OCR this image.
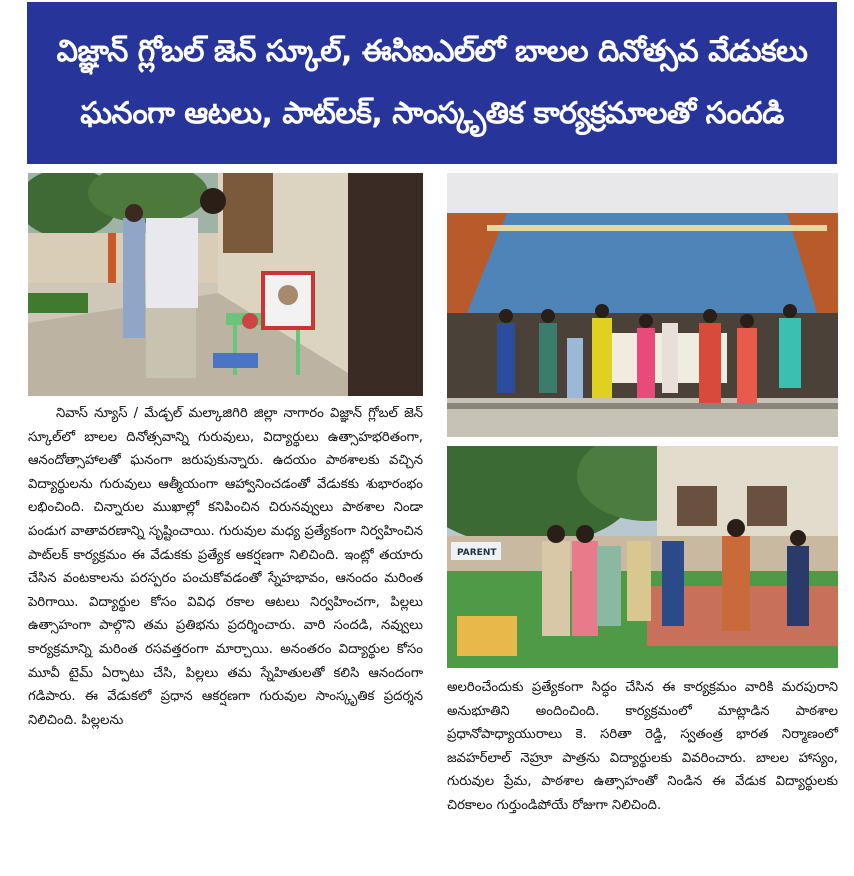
విజ్ఞాన్ గ్లోబల్ జెన్ స్కూల్, ఈసిఐఎల్‌లో బాలల దినోత్సవ వేడుకలు
ఘనంగా ఆటలు, పాట్‌లక్, సాంస్కృతిక కార్యక్రమాలతో సందడి
PARENT

నివాస్ న్యూస్ / మేడ్చల్ మల్కాజిగిరి జిల్లా నాగారం విజ్ఞాన్ గ్లోబల్ జెన్ స్కూల్‌లో బాలల దినోత్సవాన్ని గురువులు, విద్యార్థులు ఉత్సాహభరితంగా, ఆనందోత్సాహాలతో ఘనంగా జరుపుకున్నారు. ఉదయం పాఠశాలకు వచ్చిన విద్యార్థులను గురువులు ఆత్మీయంగా ఆహ్వానించడంతో వేడుకకు శుభారంభం లభించింది. చిన్నారుల ముఖాల్లో కనిపించిన చిరునవ్వులు పాఠశాల నిండా పండుగ వాతావరణాన్ని సృష్టించాయి. గురువుల మధ్య ప్రత్యేకంగా నిర్వహించిన పాట్‌లక్ కార్యక్రమం ఈ వేడుకకు ప్రత్యేక ఆకర్షణగా నిలిచింది. ఇంట్లో తయారు చేసిన వంటకాలను పరస్పరం పంచుకోవడంతో స్నేహభావం, ఆనందం మరింత పెరిగాయి. విద్యార్థుల కోసం వివిధ రకాల ఆటలు నిర్వహించగా, పిల్లలు ఉత్సాహంగా పాల్గొని తమ ప్రతిభను ప్రదర్శించారు. వారి సందడి, నవ్వులు కార్యక్రమాన్ని మరింత రసవత్తరంగా మార్చాయి. అనంతరం విద్యార్థుల కోసం మూవీ టైమ్ ఏర్పాటు చేసి, పిల్లలు తమ స్నేహితులతో కలిసి ఆనందంగా గడిపారు. ఈ వేడుకలో ప్రధాన ఆకర్షణగా గురువుల సాంస్కృతిక ప్రదర్శన నిలిచింది. పిల్లలను

అలరించేందుకు ప్రత్యేకంగా సిద్ధం చేసిన ఈ కార్యక్రమం వారికి మరపురాని అనుభూతిని అందించింది. కార్యక్రమంలో మాట్లాడిన పాఠశాల ప్రధానోపాధ్యాయురాలు కె. సరితా రెడ్డి, స్వతంత్ర భారత నిర్మాణంలో జవహర్‌లాల్ నెహ్రూ పాత్రను విద్యార్థులకు వివరించారు. బాలల హాస్యం, గురువుల ప్రేమ, పాఠశాల ఉత్సాహంతో నిండిన ఈ వేడుక విద్యార్థులకు చిరకాలం గుర్తుండిపోయే రోజుగా నిలిచింది.
